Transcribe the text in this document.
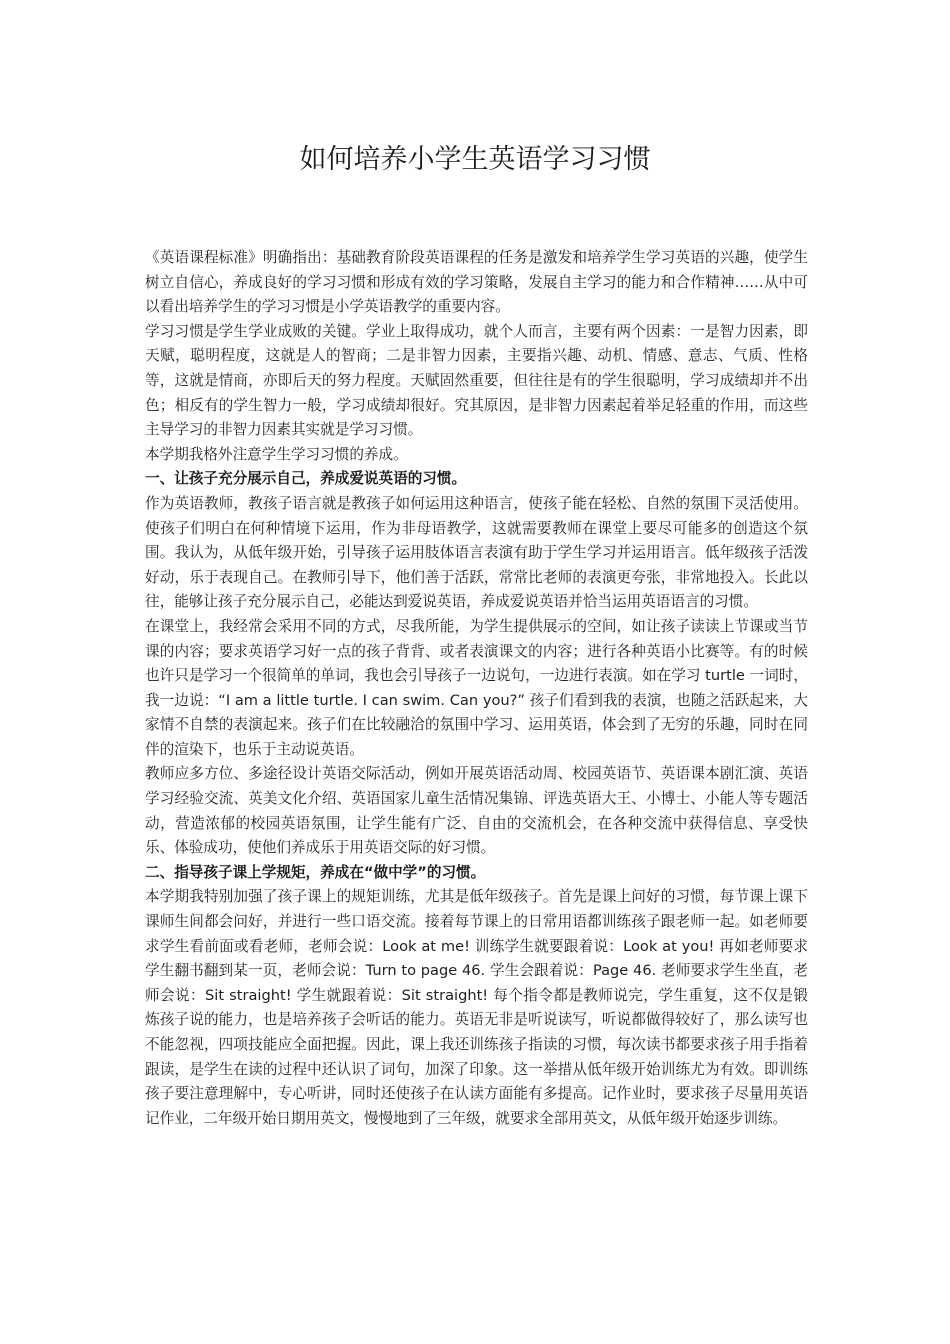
如何培养小学生英语学习习惯

《英语课程标准》明确指出：基础教育阶段英语课程的任务是激发和培养学生学习英语的兴趣，使学生树立自信心，养成良好的学习习惯和形成有效的学习策略，发展自主学习的能力和合作精神……从中可以看出培养学生的学习习惯是小学英语教学的重要内容。

学习习惯是学生学业成败的关键。学业上取得成功，就个人而言，主要有两个因素：一是智力因素，即天赋，聪明程度，这就是人的智商；二是非智力因素，主要指兴趣、动机、情感、意志、气质、性格等，这就是情商，亦即后天的努力程度。天赋固然重要，但往往是有的学生很聪明，学习成绩却并不出色；相反有的学生智力一般，学习成绩却很好。究其原因，是非智力因素起着举足轻重的作用，而这些主导学习的非智力因素其实就是学习习惯。

本学期我格外注意学生学习习惯的养成。

一、让孩子充分展示自己，养成爱说英语的习惯。

作为英语教师，教孩子语言就是教孩子如何运用这种语言，使孩子能在轻松、自然的氛围下灵活使用。使孩子们明白在何种情境下运用，作为非母语教学，这就需要教师在课堂上要尽可能多的创造这个氛围。我认为，从低年级开始，引导孩子运用肢体语言表演有助于学生学习并运用语言。低年级孩子活泼好动，乐于表现自己。在教师引导下，他们善于活跃，常常比老师的表演更夸张，非常地投入。长此以往，能够让孩子充分展示自己，必能达到爱说英语，养成爱说英语并恰当运用英语语言的习惯。

在课堂上，我经常会采用不同的方式，尽我所能，为学生提供展示的空间，如让孩子读读上节课或当节课的内容；要求英语学习好一点的孩子背背、或者表演课文的内容；进行各种英语小比赛等。有的时候也许只是学习一个很简单的单词，我也会引导孩子一边说句，一边进行表演。如在学习 turtle 一词时，我一边说：“I am a little turtle. I can swim. Can you?” 孩子们看到我的表演，也随之活跃起来，大家情不自禁的表演起来。孩子们在比较融洽的氛围中学习、运用英语，体会到了无穷的乐趣，同时在同伴的渲染下，也乐于主动说英语。

教师应多方位、多途径设计英语交际活动，例如开展英语活动周、校园英语节、英语课本剧汇演、英语学习经验交流、英美文化介绍、英语国家儿童生活情况集锦、评选英语大王、小博士、小能人等专题活动，营造浓郁的校园英语氛围，让学生能有广泛、自由的交流机会，在各种交流中获得信息、享受快乐、体验成功，使他们养成乐于用英语交际的好习惯。

二、指导孩子课上学规矩，养成在“做中学”的习惯。

本学期我特别加强了孩子课上的规矩训练，尤其是低年级孩子。首先是课上问好的习惯，每节课上课下课师生间都会问好，并进行一些口语交流。接着每节课上的日常用语都训练孩子跟老师一起。如老师要求学生看前面或看老师，老师会说：Look at me! 训练学生就要跟着说：Look at you! 再如老师要求学生翻书翻到某一页，老师会说：Turn to page 46. 学生会跟着说：Page 46. 老师要求学生坐直，老师会说：Sit straight! 学生就跟着说：Sit straight! 每个指令都是教师说完，学生重复，这不仅是锻炼孩子说的能力，也是培养孩子会听话的能力。英语无非是听说读写，听说都做得较好了，那么读写也不能忽视，四项技能应全面把握。因此，课上我还训练孩子指读的习惯，每次读书都要求孩子用手指着跟读，是学生在读的过程中还认识了词句，加深了印象。这一举措从低年级开始训练尤为有效。即训练孩子要注意理解中，专心听讲，同时还使孩子在认读方面能有多提高。记作业时，要求孩子尽量用英语记作业，二年级开始日期用英文，慢慢地到了三年级，就要求全部用英文，从低年级开始逐步训练。
